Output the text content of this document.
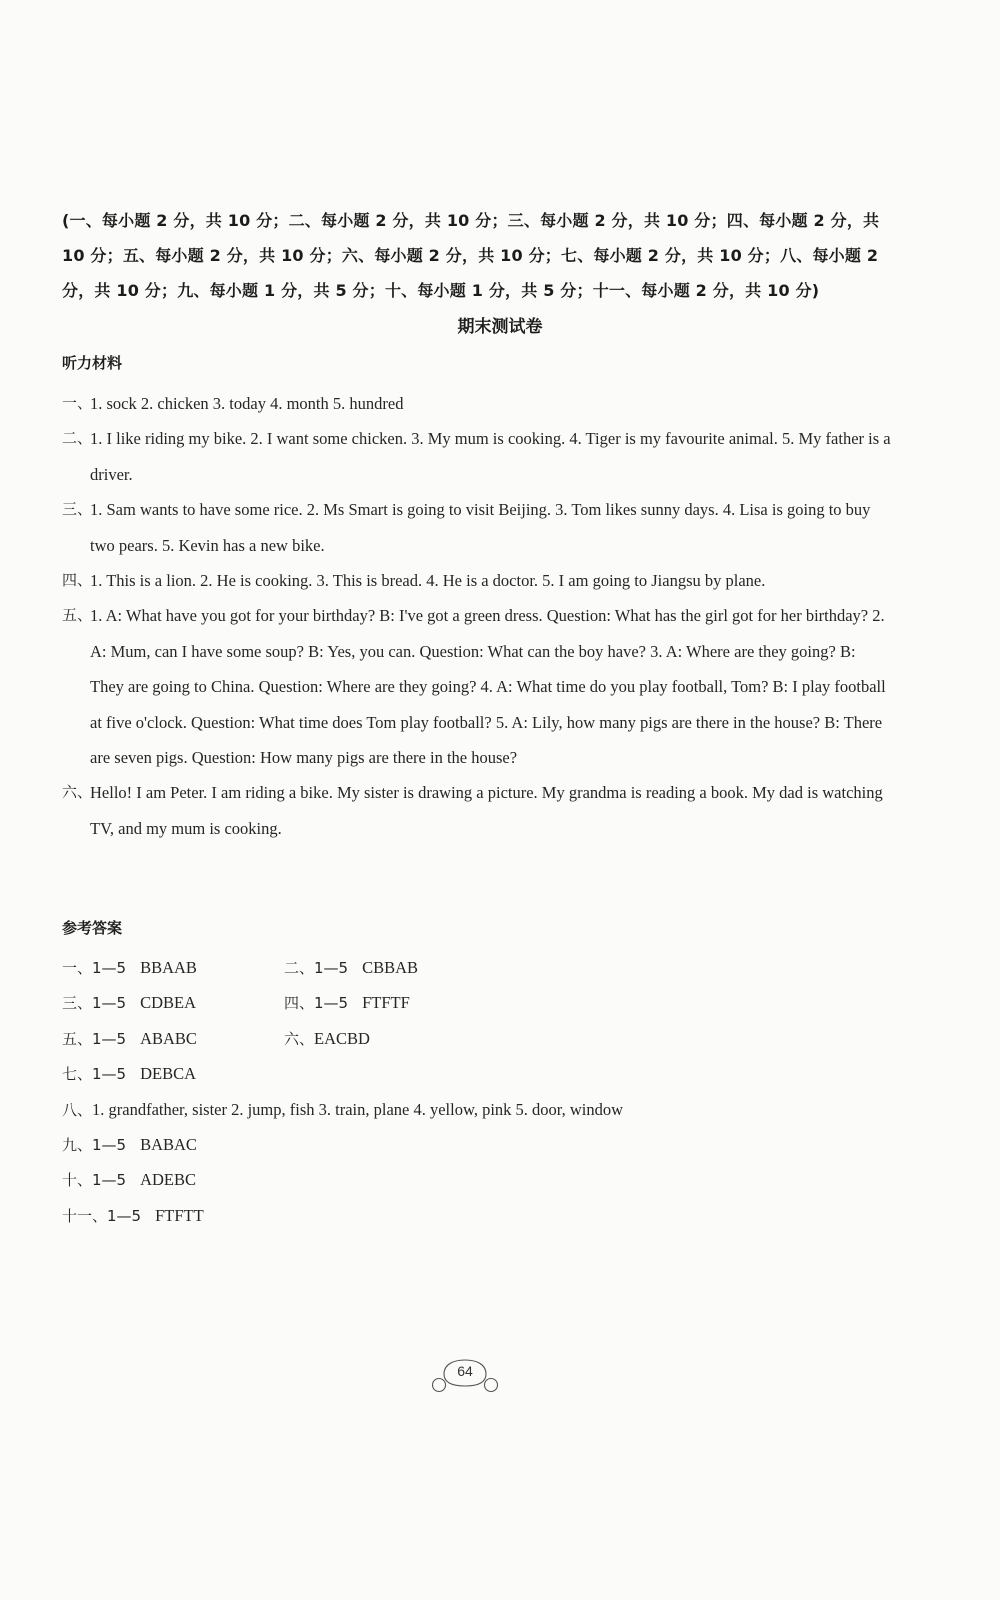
(一、每小题 2 分，共 10 分；二、每小题 2 分，共 10 分；三、每小题 2 分，共 10 分；四、每小题 2 分，共 10 分；五、每小题 2 分，共 10 分；六、每小题 2 分，共 10 分；七、每小题 2 分，共 10 分；八、每小题 2 分，共 10 分；九、每小题 1 分，共 5 分；十、每小题 1 分，共 5 分；十一、每小题 2 分，共 10 分)
期末测试卷
听力材料
一、
1. sock 2. chicken 3. today 4. month 5. hundred
二、
1. I like riding my bike. 2. I want some chicken. 3. My mum is cooking. 4. Tiger is my favourite animal. 5. My father is a driver.
三、
1. Sam wants to have some rice. 2. Ms Smart is going to visit Beijing. 3. Tom likes sunny days. 4. Lisa is going to buy two pears. 5. Kevin has a new bike.
四、
1. This is a lion. 2. He is cooking. 3. This is bread. 4. He is a doctor. 5. I am going to Jiangsu by plane.
五、
1. A: What have you got for your birthday? B: I've got a green dress. Question: What has the girl got for her birthday? 2. A: Mum, can I have some soup? B: Yes, you can. Question: What can the boy have? 3. A: Where are they going? B: They are going to China. Question: Where are they going? 4. A: What time do you play football, Tom? B: I play football at five o'clock. Question: What time does Tom play football? 5. A: Lily, how many pigs are there in the house? B: There are seven pigs. Question: How many pigs are there in the house?
六、
Hello! I am Peter. I am riding a bike. My sister is drawing a picture. My grandma is reading a book. My dad is watching TV, and my mum is cooking.
参考答案
一、1—5 BBAAB	二、1—5 CBBAB
三、1—5 CDBEA	四、1—5 FTFTF
五、1—5 ABABC	六、EACBD
七、1—5 DEBCA
八、1. grandfather, sister 2. jump, fish 3. train, plane 4. yellow, pink 5. door, window
九、1—5 BABAC
十、1—5 ADEBC
十一、1—5 FTFTT
64
